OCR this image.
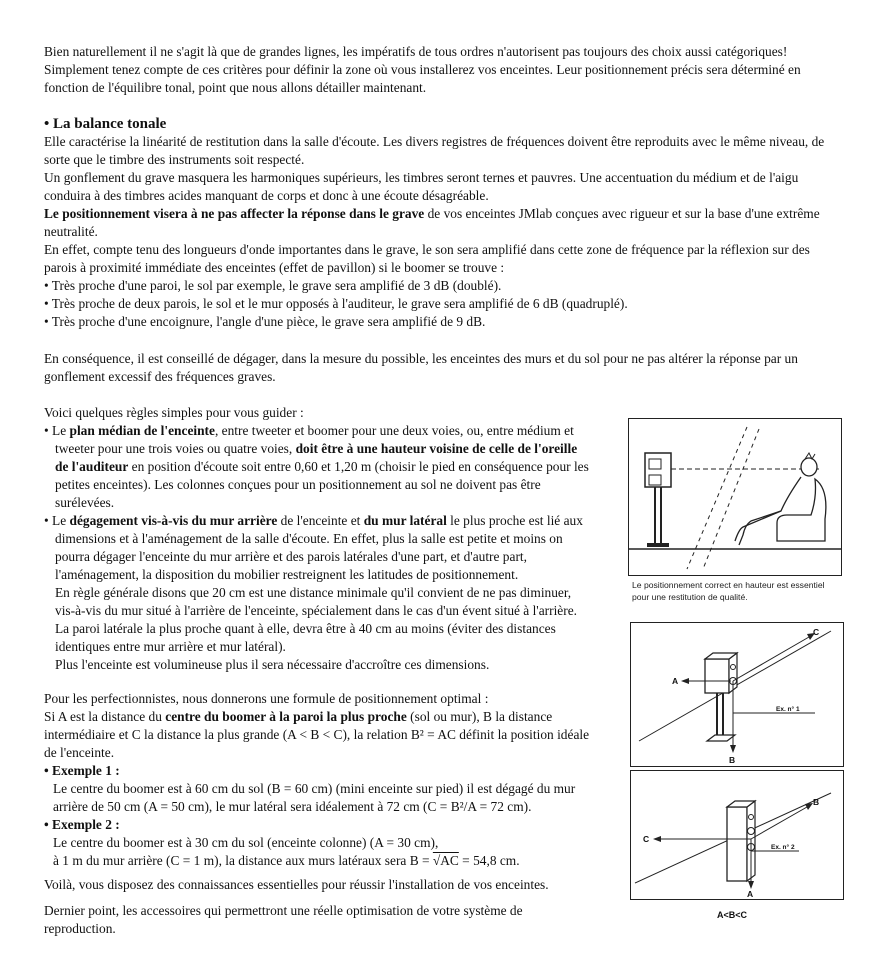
Bien naturellement il ne s'agit là que de grandes lignes, les impératifs de tous ordres n'autorisent pas toujours des choix aussi catégoriques! Simplement tenez compte de ces critères pour définir la zone où vous installerez vos enceintes. Leur positionnement précis sera déterminé en fonction de l'équilibre tonal, point que nous allons détailler maintenant.

• La balance tonale

Elle caractérise la linéarité de restitution dans la salle d'écoute. Les divers registres de fréquences doivent être reproduits avec le même niveau, de sorte que le timbre des instruments soit respecté.

Un gonflement du grave masquera les harmoniques supérieurs, les timbres seront ternes et pauvres. Une accentuation du médium et de l'aigu conduira à des timbres acides manquant de corps et donc à une écoute désagréable.

Le positionnement visera à ne pas affecter la réponse dans le grave de vos enceintes JMlab conçues avec rigueur et sur la base d'une extrême neutralité.

En effet, compte tenu des longueurs d'onde importantes dans le grave, le son sera amplifié dans cette zone de fréquence par la réflexion sur des parois à proximité immédiate des enceintes (effet de pavillon) si le boomer se trouve :

• Très proche d'une paroi, le sol par exemple, le grave sera amplifié de 3 dB (doublé).

• Très proche de deux parois, le sol et le mur opposés à l'auditeur, le grave sera amplifié de 6 dB (quadruplé).

• Très proche d'une encoignure, l'angle d'une pièce, le grave sera amplifié de 9 dB.

En conséquence, il est conseillé de dégager, dans la mesure du possible, les enceintes des murs et du sol pour ne pas altérer la réponse par un gonflement excessif des fréquences graves.

Voici quelques règles simples pour vous guider :

• Le plan médian de l'enceinte, entre tweeter et boomer pour une deux voies, ou, entre médium et tweeter pour une trois voies ou quatre voies, doit être à une hauteur voisine de celle de l'oreille de l'auditeur en position d'écoute soit entre 0,60 et 1,20 m (choisir le pied en conséquence pour les petites enceintes). Les colonnes conçues pour un positionnement au sol ne doivent pas être surélevées.

• Le dégagement vis-à-vis du mur arrière de l'enceinte et du mur latéral le plus proche est lié aux dimensions et à l'aménagement de la salle d'écoute. En effet, plus la salle est petite et moins on pourra dégager l'enceinte du mur arrière et des parois latérales d'une part, et d'autre part, l'aménagement, la disposition du mobilier restreignent les latitudes de positionnement.

En règle générale disons que 20 cm est une distance minimale qu'il convient de ne pas diminuer, vis-à-vis du mur situé à l'arrière de l'enceinte, spécialement dans le cas d'un évent situé à l'arrière. La paroi latérale la plus proche quant à elle, devra être à 40 cm au moins (éviter des distances identiques entre mur arrière et mur latéral).

Plus l'enceinte est volumineuse plus il sera nécessaire d'accroître ces dimensions.

Pour les perfectionnistes, nous donnerons une formule de positionnement optimal :

Si A est la distance du centre du boomer à la paroi la plus proche (sol ou mur), B la distance intermédiaire et C la distance la plus grande (A < B < C), la relation B² = AC définit la position idéale de l'enceinte.

• Exemple 1 :

Le centre du boomer est à 60 cm du sol (B = 60 cm) (mini enceinte sur pied) il est dégagé du mur arrière de 50 cm (A = 50 cm), le mur latéral sera idéalement à 72 cm (C = B²/A = 72 cm).

• Exemple 2 :

Le centre du boomer est à 30 cm du sol (enceinte colonne) (A = 30 cm),

à 1 m du mur arrière (C = 1 m), la distance aux murs latéraux sera B = √AC = 54,8 cm.

Voilà, vous disposez des connaissances essentielles pour réussir l'installation de vos enceintes.

Dernier point, les accessoires qui permettront une réelle optimisation de votre système de reproduction.

Le positionnement correct en hauteur est essentiel pour une restitution de qualité.
A
B
C
Ex. n° 1
C
B
A
Ex. n° 2
A<B<C
